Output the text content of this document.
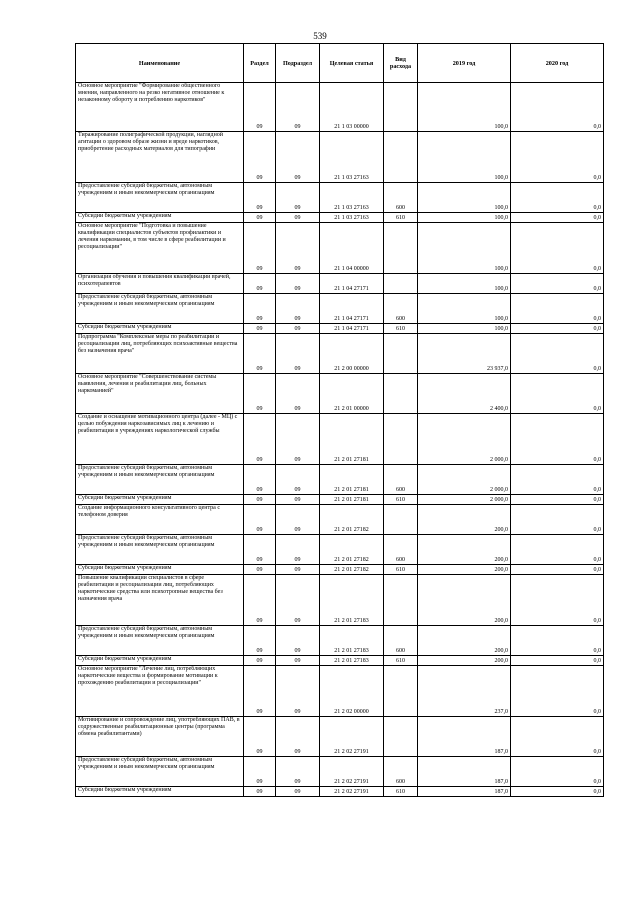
539
Наименование	Раздел	Подраздел	Целевая статья	Вид расхода	2019 год	2020 год
Основное мероприятие "Формирование общественного мнения, направленного на резко негативное отношение к незаконному обороту и потреблению наркотиков"	09	09	21 1 03 00000		100,0	0,0
Тиражирование полиграфической продукции, наглядной агитации о здоровом образе жизни и вреде наркотиков, приобретение расходных материалов для типографии	09	09	21 1 03 27163		100,0	0,0
Предоставление субсидий бюджетным, автономным учреждениям и иным некоммерческим организациям	09	09	21 1 03 27163	600	100,0	0,0
Субсидии бюджетным учреждениям	09	09	21 1 03 27163	610	100,0	0,0
Основное мероприятие "Подготовка и повышение квалификации специалистов субъектов профилактики и лечения наркомании, в том числе в сфере реабилитации и ресоциализации"	09	09	21 1 04 00000		100,0	0,0
Организация обучения и повышения квалификации врачей, психотерапевтов	09	09	21 1 04 27171		100,0	0,0
Предоставление субсидий бюджетным, автономным учреждениям и иным некоммерческим организациям	09	09	21 1 04 27171	600	100,0	0,0
Субсидии бюджетным учреждениям	09	09	21 1 04 27171	610	100,0	0,0
Подпрограмма "Комплексные меры по реабилитации и ресоциализации лиц, потребляющих психоактивные вещества без назначения врача"	09	09	21 2 00 00000		23 937,0	0,0
Основное мероприятие "Совершенствование системы выявления, лечения и реабилитации лиц, больных наркоманией"	09	09	21 2 01 00000		2 400,0	0,0
Создание и оснащение мотивационного центра (далее - МЦ) с целью побуждения наркозависимых лиц к лечению и реабилитации в учреждениях наркологической службы	09	09	21 2 01 27181		2 000,0	0,0
Предоставление субсидий бюджетным, автономным учреждениям и иным некоммерческим организациям	09	09	21 2 01 27181	600	2 000,0	0,0
Субсидии бюджетным учреждениям	09	09	21 2 01 27181	610	2 000,0	0,0
Создание информационного консультативного центра с телефоном доверия	09	09	21 2 01 27182		200,0	0,0
Предоставление субсидий бюджетным, автономным учреждениям и иным некоммерческим организациям	09	09	21 2 01 27182	600	200,0	0,0
Субсидии бюджетным учреждениям	09	09	21 2 01 27182	610	200,0	0,0
Повышение квалификации специалистов в сфере реабилитации и ресоциализации лиц, потребляющих наркотические средства или психотропные вещества без назначения врача	09	09	21 2 01 27183		200,0	0,0
Предоставление субсидий бюджетным, автономным учреждениям и иным некоммерческим организациям	09	09	21 2 01 27183	600	200,0	0,0
Субсидии бюджетным учреждениям	09	09	21 2 01 27183	610	200,0	0,0
Основное мероприятие "Лечение лиц, потребляющих наркотические вещества и формирование мотивации к прохождению реабилитации и ресоциализации"	09	09	21 2 02 00000		237,0	0,0
Мотивирование и сопровождение лиц, употребляющих ПАВ, в содружественные реабилитационные центры (программа обмена реабилитантами)	09	09	21 2 02 27191		187,0	0,0
Предоставление субсидий бюджетным, автономным учреждениям и иным некоммерческим организациям	09	09	21 2 02 27191	600	187,0	0,0
Субсидии бюджетным учреждениям	09	09	21 2 02 27191	610	187,0	0,0
